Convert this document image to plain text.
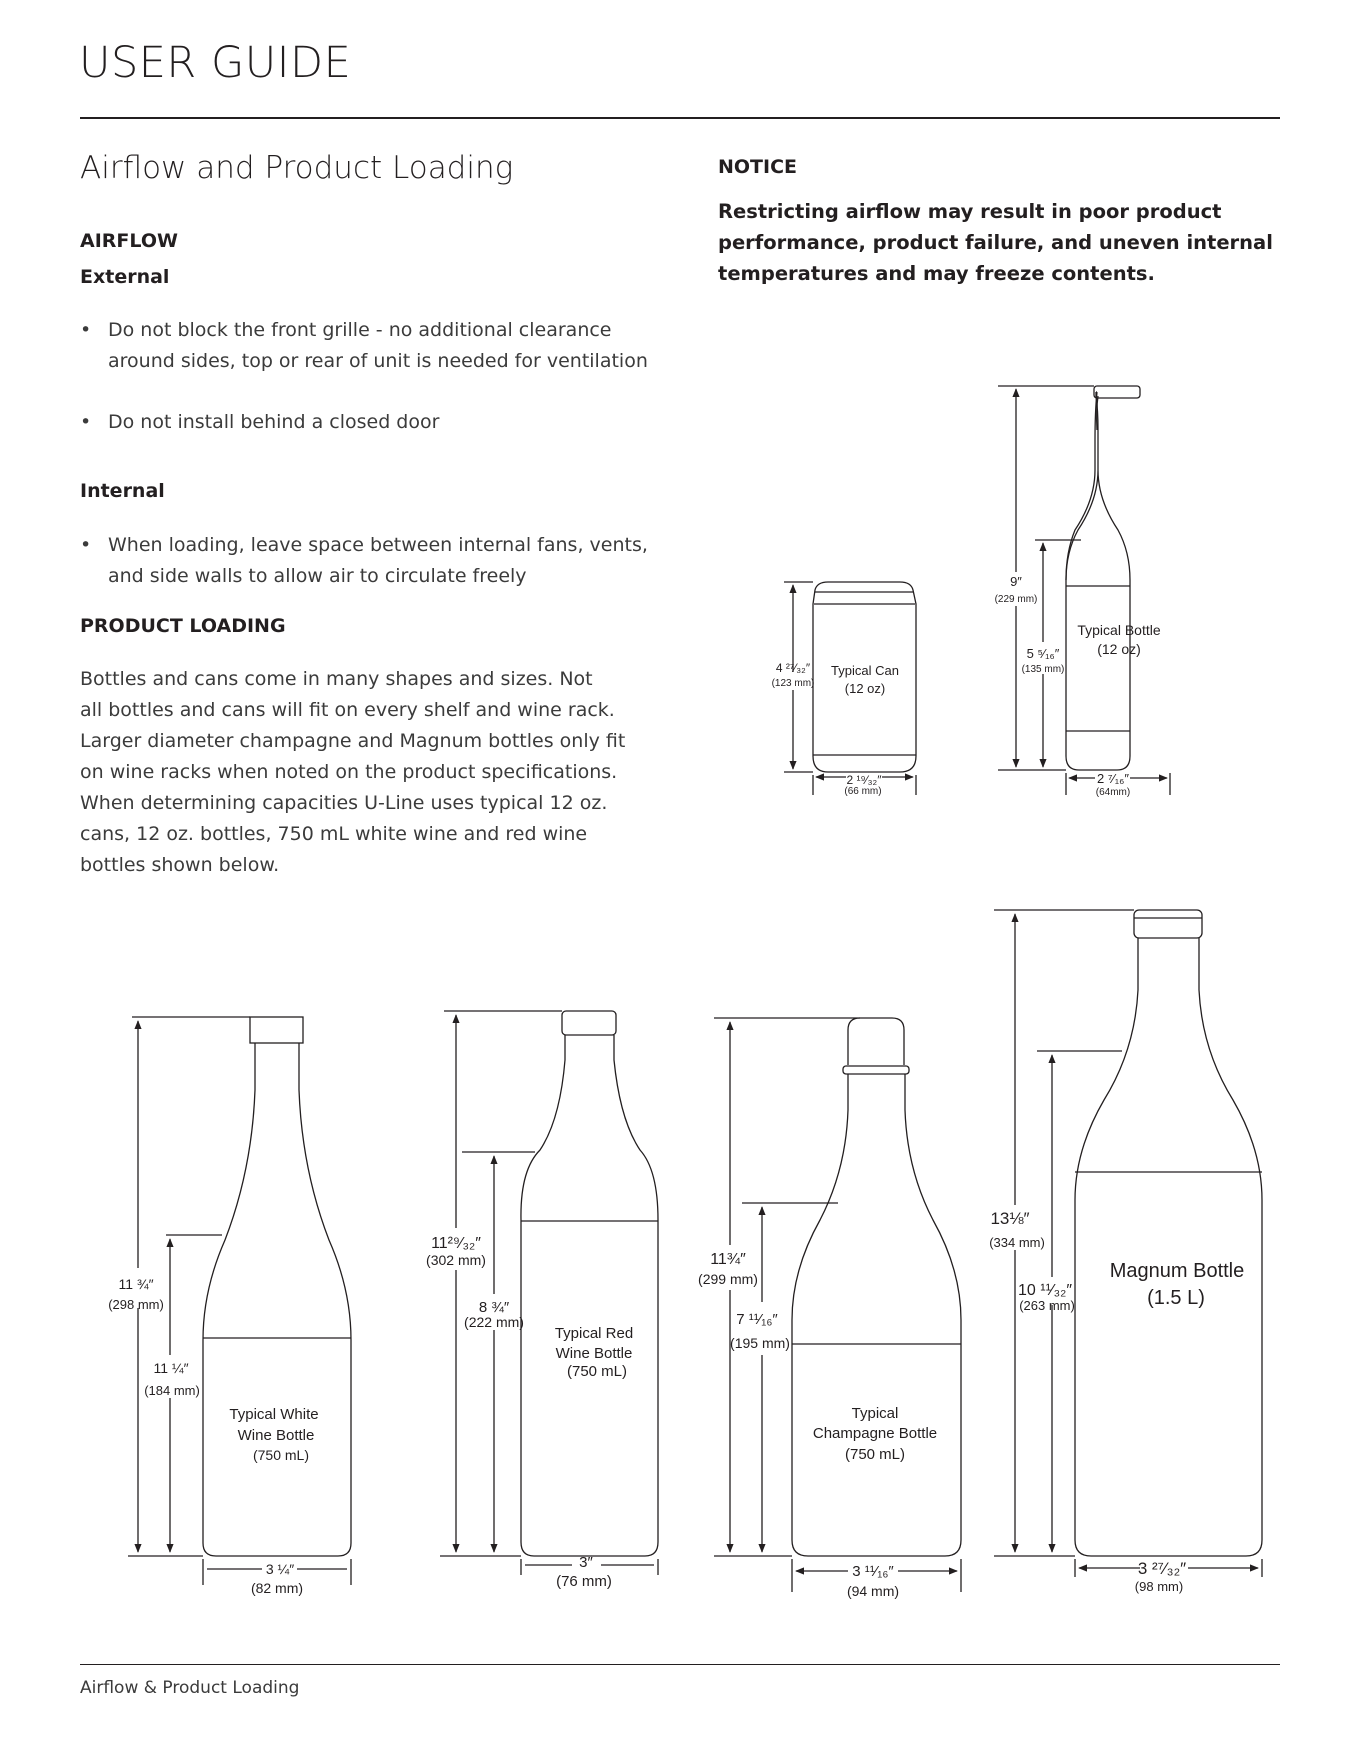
USER GUIDE
Airflow and Product Loading
AIRFLOW
External
• Do not block the front grille - no additional clearance
around sides, top or rear of unit is needed for ventilation
• Do not install behind a closed door
Internal
• When loading, leave space between internal fans, vents,
and side walls to allow air to circulate freely
PRODUCT LOADING
Bottles and cans come in many shapes and sizes. Not
all bottles and cans will fit on every shelf and wine rack.
Larger diameter champagne and Magnum bottles only fit
on wine racks when noted on the product specifications.
When determining capacities U-Line uses typical 12 oz.
cans, 12 oz. bottles, 750 mL white wine and red wine
bottles shown below.
NOTICE
Restricting airflow may result in poor product
performance, product failure, and uneven internal
temperatures and may freeze contents.
Typical Can
(12 oz)
4 ²⁷⁄₃₂″
(123 mm)
2 ¹⁹⁄₃₂″
(66 mm)
Typical Bottle
(12 oz)
9″
(229 mm)
5 ⁵⁄₁₆″
(135 mm)
2 ⁷⁄₁₆″
(64mm)
Typical White
Wine Bottle
(750 mL)
11 ¾″
(298 mm)
11 ¼″
(184 mm)
3 ¼″
(82 mm)
Typical Red
Wine Bottle
(750 mL)
11²⁹⁄₃₂″
(302 mm)
8 ¾″
(222 mm)
3″
(76 mm)
Typical
Champagne Bottle
(750 mL)
11¾″
(299 mm)
7 ¹¹⁄₁₆″
(195 mm)
3 ¹¹⁄₁₆″
(94 mm)
Magnum Bottle
(1.5 L)
13⅛″
(334 mm)
10 ¹¹⁄₃₂″
(263 mm)
3 ²⁷⁄₃₂″
(98 mm)
Airflow & Product Loading
